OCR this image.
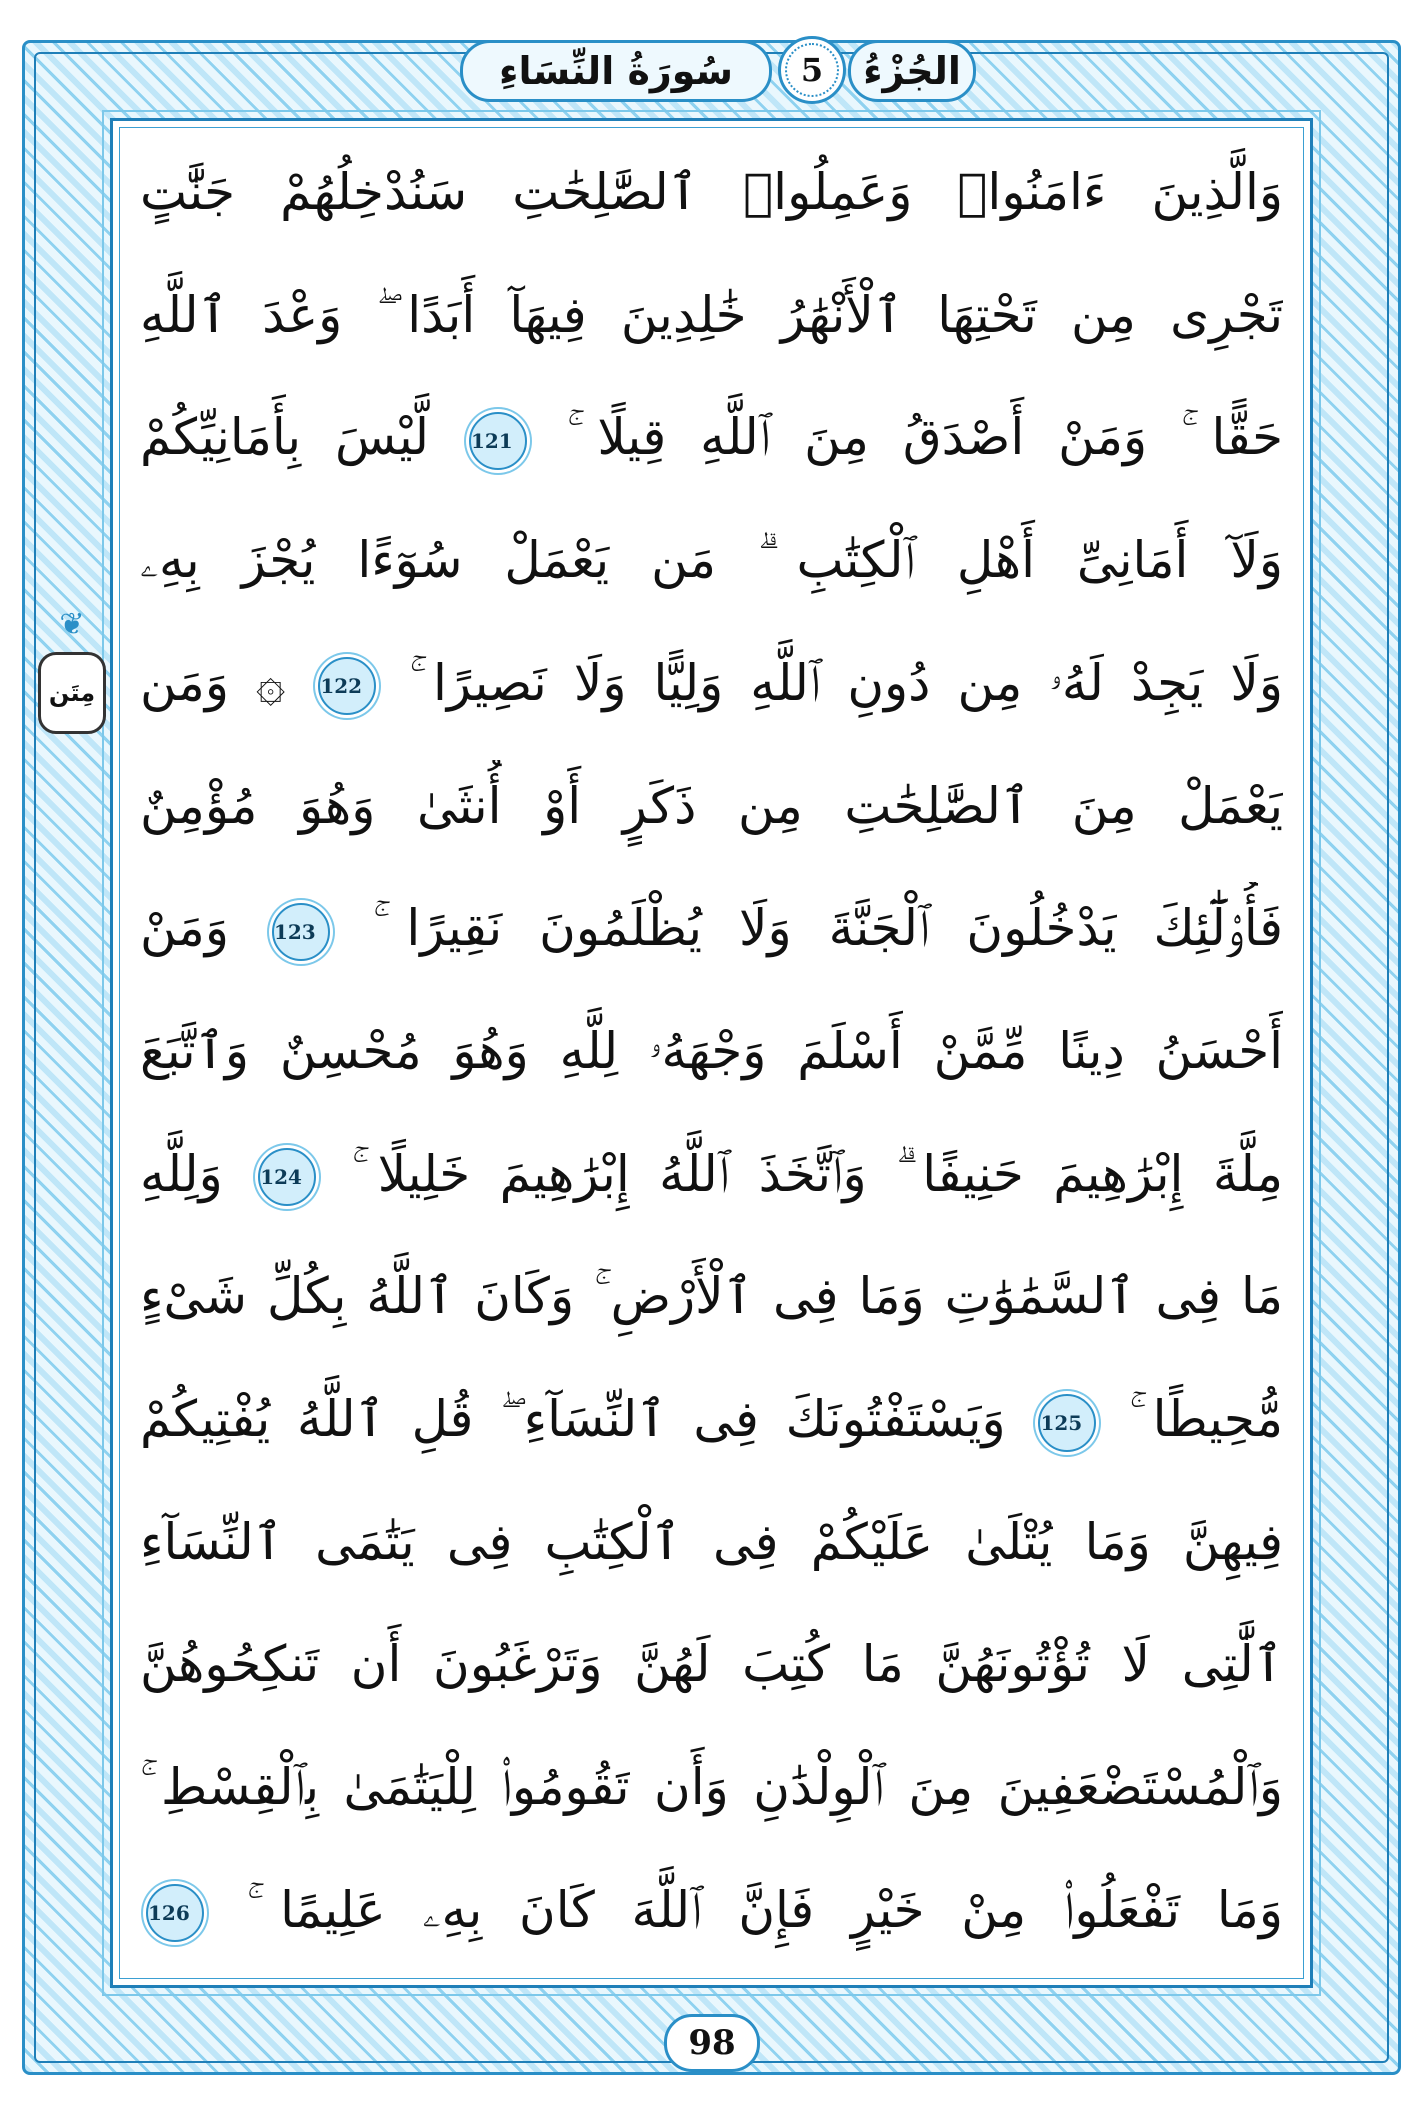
سُورَةُ النِّسَاءِ 5 الجُزْءُ
❦
مِتَن
وَالَّذِينَ ءَامَنُوا۟ وَعَمِلُوا۟ ٱلصَّٰلِحَٰتِ سَنُدْخِلُهُمْ جَنَّٰتٍ
تَجْرِى مِن تَحْتِهَا ٱلْأَنْهَٰرُ خَٰلِدِينَ فِيهَآ أَبَدًا ۖ وَعْدَ ٱللَّهِ
حَقًّا ۚ وَمَنْ أَصْدَقُ مِنَ ٱللَّهِ قِيلًا ۚ 121 لَّيْسَ بِأَمَانِيِّكُمْ
وَلَآ أَمَانِىِّ أَهْلِ ٱلْكِتَٰبِ ۗ مَن يَعْمَلْ سُوٓءًا يُجْزَ بِهِۦ
وَلَا يَجِدْ لَهُۥ مِن دُونِ ٱللَّهِ وَلِيًّا وَلَا نَصِيرًا ۚ 122 ۞ وَمَن
يَعْمَلْ مِنَ ٱلصَّٰلِحَٰتِ مِن ذَكَرٍ أَوْ أُنثَىٰ وَهُوَ مُؤْمِنٌ
فَأُو۟لَٰٓئِكَ يَدْخُلُونَ ٱلْجَنَّةَ وَلَا يُظْلَمُونَ نَقِيرًا ۚ 123 وَمَنْ
أَحْسَنُ دِينًا مِّمَّنْ أَسْلَمَ وَجْهَهُۥ لِلَّهِ وَهُوَ مُحْسِنٌ وَٱتَّبَعَ
مِلَّةَ إِبْرَٰهِيمَ حَنِيفًا ۗ وَٱتَّخَذَ ٱللَّهُ إِبْرَٰهِيمَ خَلِيلًا ۚ 124 وَلِلَّهِ
مَا فِى ٱلسَّمَٰوَٰتِ وَمَا فِى ٱلْأَرْضِ ۚ وَكَانَ ٱللَّهُ بِكُلِّ شَىْءٍ
مُّحِيطًا ۚ 125 وَيَسْتَفْتُونَكَ فِى ٱلنِّسَآءِ ۖ قُلِ ٱللَّهُ يُفْتِيكُمْ
فِيهِنَّ وَمَا يُتْلَىٰ عَلَيْكُمْ فِى ٱلْكِتَٰبِ فِى يَتَٰمَى ٱلنِّسَآءِ
ٱلَّٰتِى لَا تُؤْتُونَهُنَّ مَا كُتِبَ لَهُنَّ وَتَرْغَبُونَ أَن تَنكِحُوهُنَّ
وَٱلْمُسْتَضْعَفِينَ مِنَ ٱلْوِلْدَٰنِ وَأَن تَقُومُوا۟ لِلْيَتَٰمَىٰ بِٱلْقِسْطِ ۚ
وَمَا تَفْعَلُوا۟ مِنْ خَيْرٍ فَإِنَّ ٱللَّهَ كَانَ بِهِۦ عَلِيمًا ۚ 126
98
